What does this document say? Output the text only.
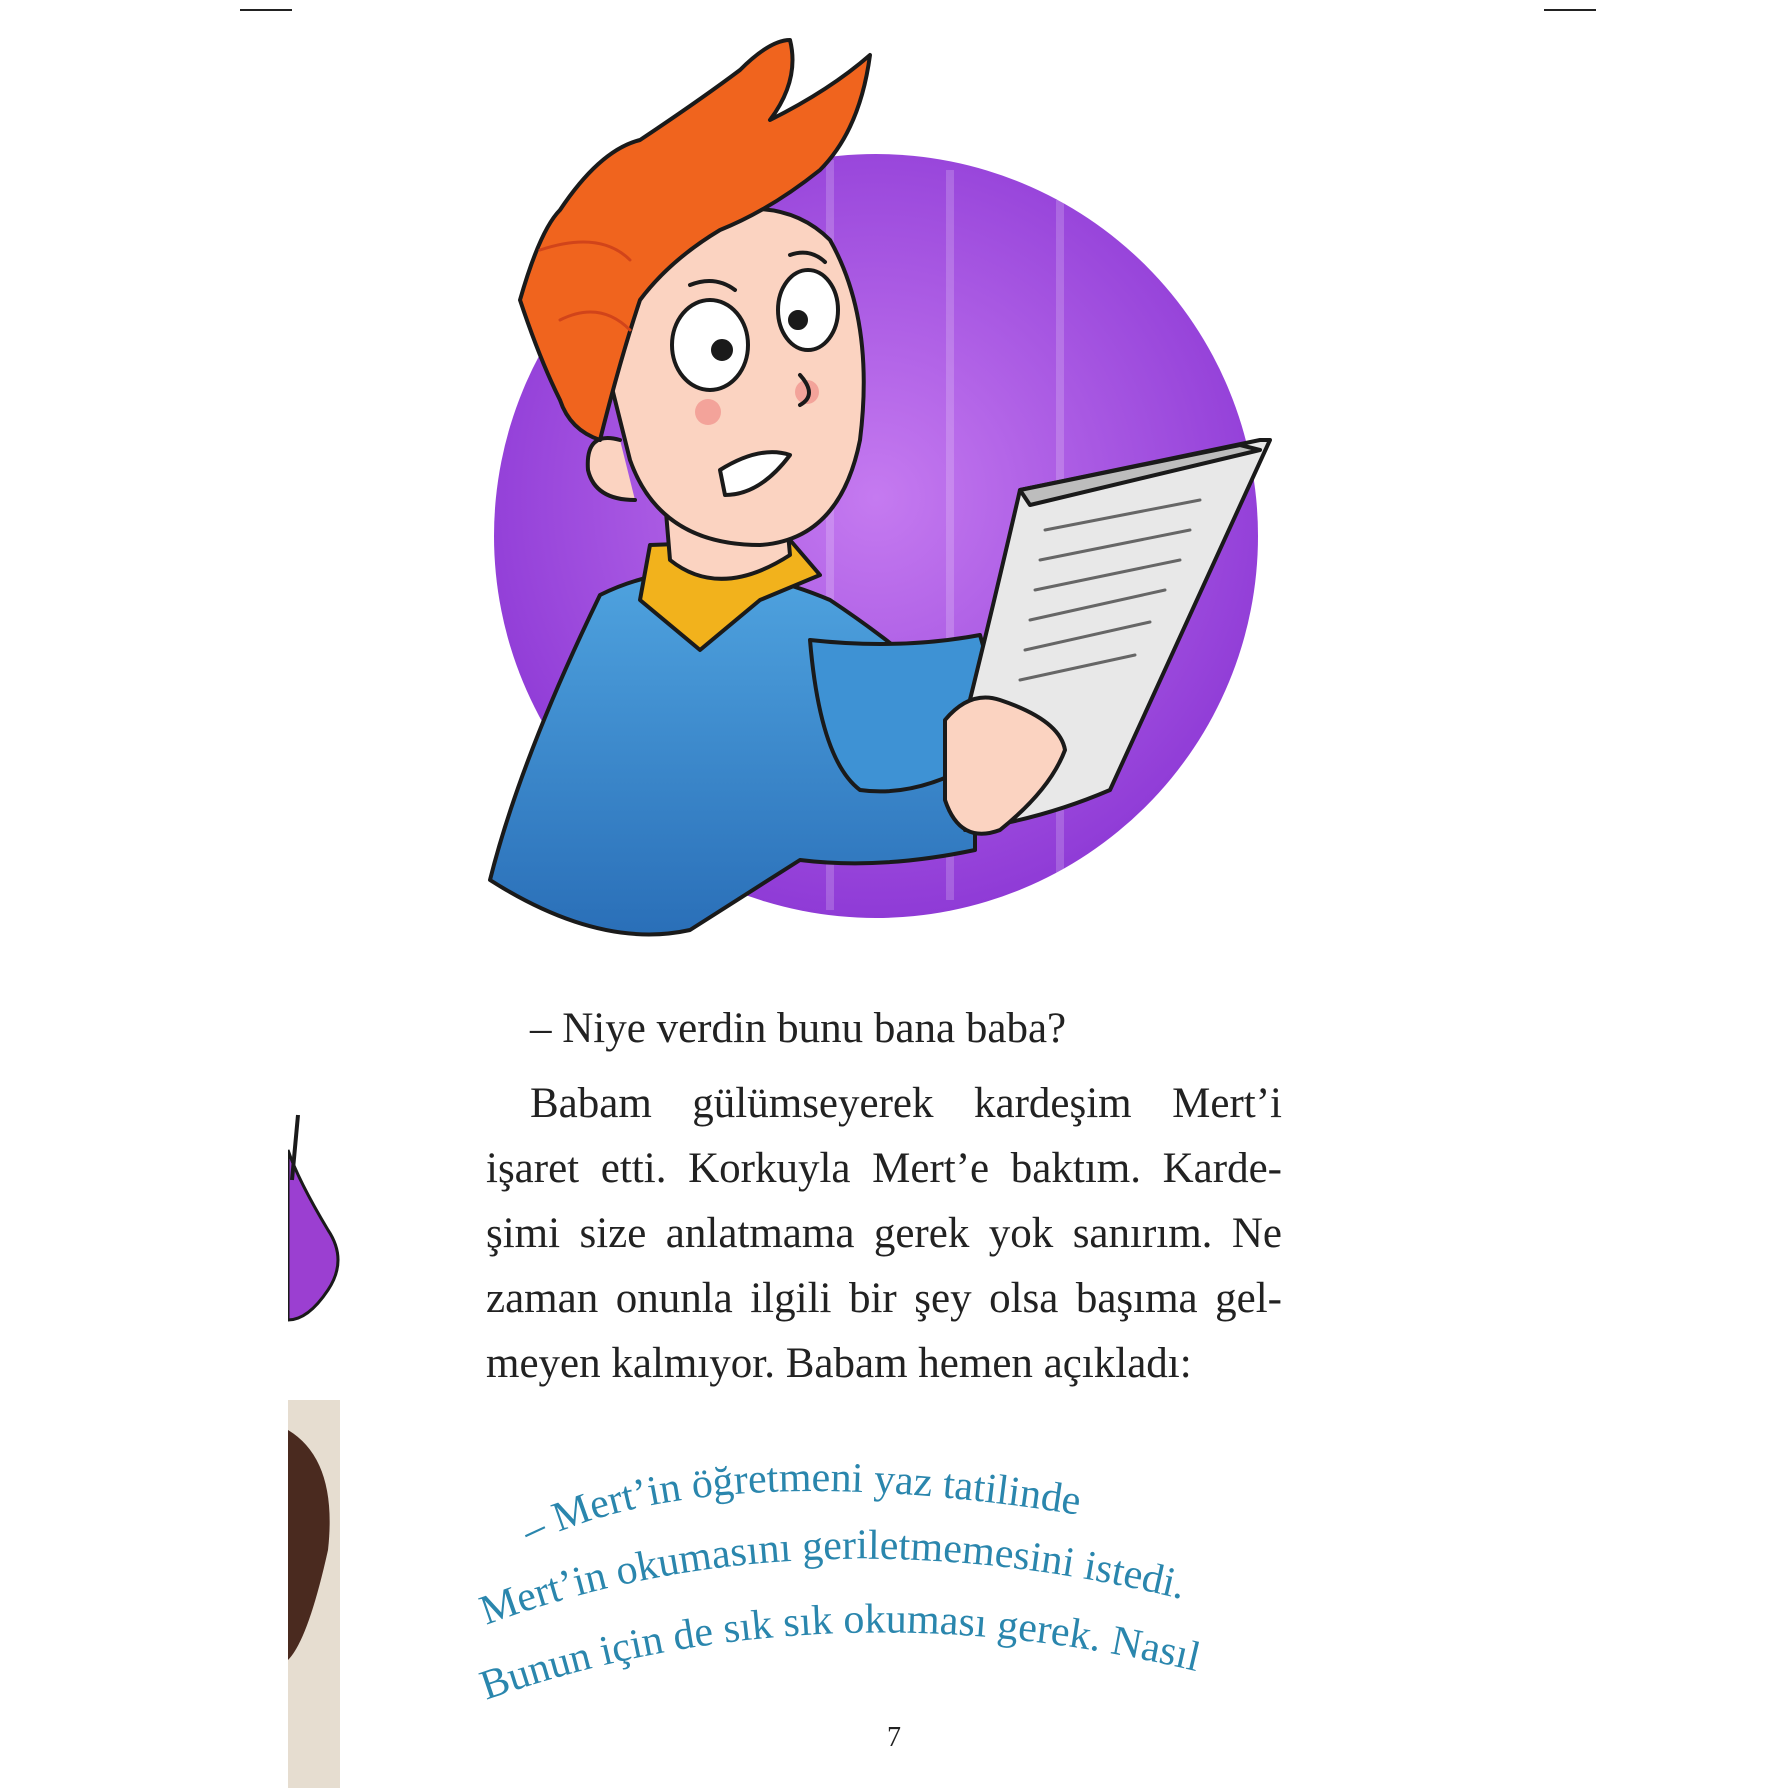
– Niye verdin bunu bana baba?
Babam gülümseyerek kardeşim Mert’i
işaret etti. Korkuyla Mert’e baktım. Karde-
şimi size anlatmama gerek yok sanırım. Ne
zaman onunla ilgili bir şey olsa başıma gel-
meyen kalmıyor. Babam hemen açıkladı:
– Mert’in öğretmeni yaz tatilinde
Mert’in okumasını geriletmemesini istedi.
Bunun için de sık sık okuması gerek. Nasıl
7
